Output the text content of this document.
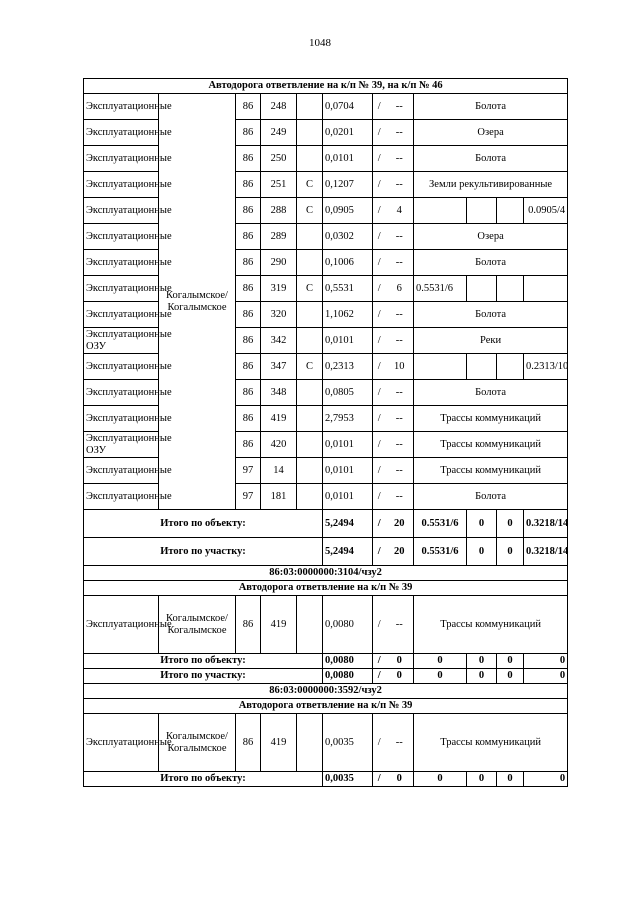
1048
Автодорога ответвление на к/п № 39, на к/п № 46											
Эксплуатационные	Когалымское/ Когалымское	86	248		0,0704	/	--	Болота			
Эксплуатационные		86	249		0,0201	/	--	Озера			
Эксплуатационные		86	250		0,0101	/	--	Болота			
Эксплуатационные		86	251	С	0,1207	/	--	Земли рекультивированные			
Эксплуатационные		86	288	С	0,0905	/	4				0.0905/4
Эксплуатационные		86	289		0,0302	/	--	Озера			
Эксплуатационные		86	290		0,1006	/	--	Болота			
Эксплуатационные		86	319	С	0,5531	/	6	0.5531/6			
Эксплуатационные		86	320		1,1062	/	--	Болота			
Эксплуатационные ОЗУ		86	342		0,0101	/	--	Реки			
Эксплуатационные		86	347	С	0,2313	/	10				0.2313/10
Эксплуатационные		86	348		0,0805	/	--	Болота			
Эксплуатационные		86	419		2,7953	/	--	Трассы коммуникаций			
Эксплуатационные ОЗУ		86	420		0,0101	/	--	Трассы коммуникаций			
Эксплуатационные		97	14		0,0101	/	--	Трассы коммуникаций			
Эксплуатационные		97	181		0,0101	/	--	Болота			
Итого по объекту:					5,2494	/	20	0.5531/6	0	0	0.3218/14
Итого по участку:					5,2494	/	20	0.5531/6	0	0	0.3218/14
86:03:0000000:3104/чзу2											
Автодорога ответвление на к/п № 39											
Эксплуатационные	Когалымское/ Когалымское	86	419		0,0080	/	--	Трассы коммуникаций			
Итого по объекту:					0,0080	/	0	0	0	0	0
Итого по участку:					0,0080	/	0	0	0	0	0
86:03:0000000:3592/чзу2											
Автодорога ответвление на к/п № 39											
Эксплуатационные	Когалымское/ Когалымское	86	419		0,0035	/	--	Трассы коммуникаций			
Итого по объекту:					0,0035	/	0	0	0	0	0
